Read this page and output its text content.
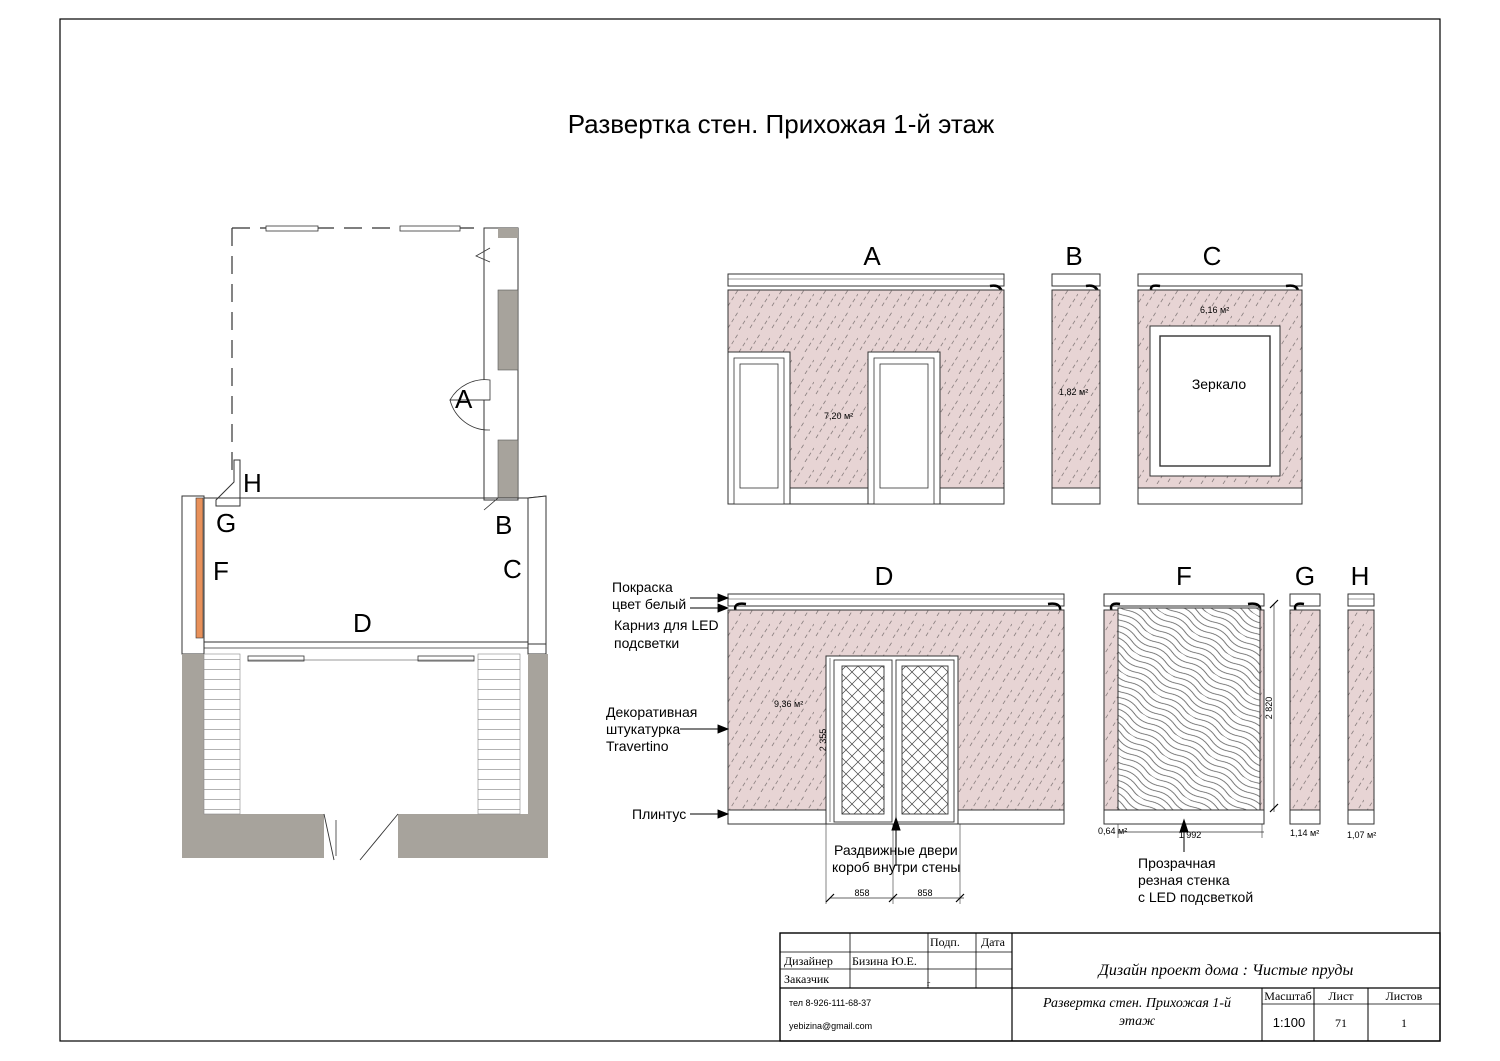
Развертка стен. Прихожая 1-й этаж
A
H
G	B
F	C
D
A
7,20 м²
B
1,82 м²
C
6,16 м²
Зеркало
D
9,36 м²
2 355
858	858
Покраска
цвет белый
Карниз для LED
подсветки
Декоративная
штукатурка
Travertino
Плинтус
Раздвижные двери
короб внутри стены	Прозрачная
резная стенка
с LED подсветкой
F
2 820
1 992
0,64 м²
G
1,14 м²
H
1,07 м²
Подп. Дата
Дизайнер Бизина Ю.Е.
Заказчик	г
тел 8-926-111-68-37
yebizina@gmail.com
Дизайн проект дома : Чистые пруды
Развертка стен. Прихожая 1-й
этаж
Масштаб
1:100
Лист
71
Листов
1
